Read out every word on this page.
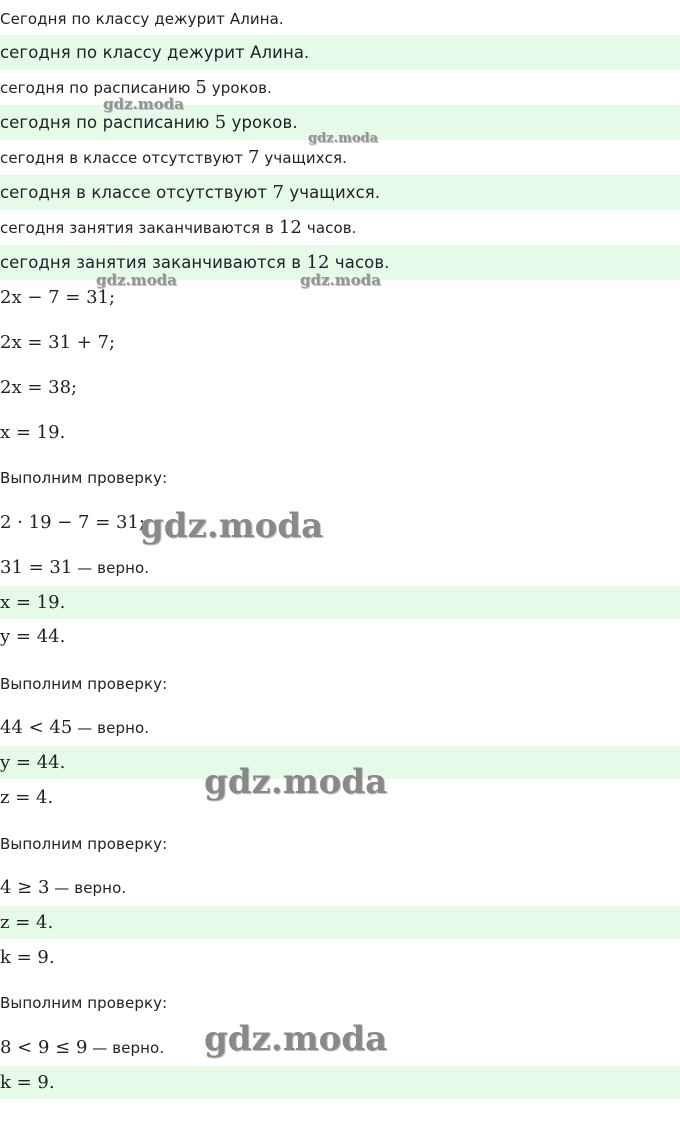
Сегодня по классу дежурит Алина.
сегодня по классу дежурит Алина.
сегодня по расписанию 5 уроков.
сегодня по расписанию 5 уроков.
сегодня в классе отсутствуют 7 учащихся.
сегодня в классе отсутствуют 7 учащихся.
сегодня занятия заканчиваются в 12 часов.
сегодня занятия заканчиваются в 12 часов.
2x − 7 = 31;
2x = 31 + 7;
2x = 38;
x = 19.
Выполним проверку:
2 · 19 − 7 = 31;
31 = 31 — верно.
x = 19.
y = 44.
Выполним проверку:
44 < 45 — верно.
y = 44.
z = 4.
Выполним проверку:
4 ≥ 3 — верно.
z = 4.
k = 9.
Выполним проверку:
8 < 9 ≤ 9 — верно.
k = 9.
gdz.moda
gdz.moda
gdz.moda	gdz.moda
gdz.moda
gdz.moda
gdz.moda
